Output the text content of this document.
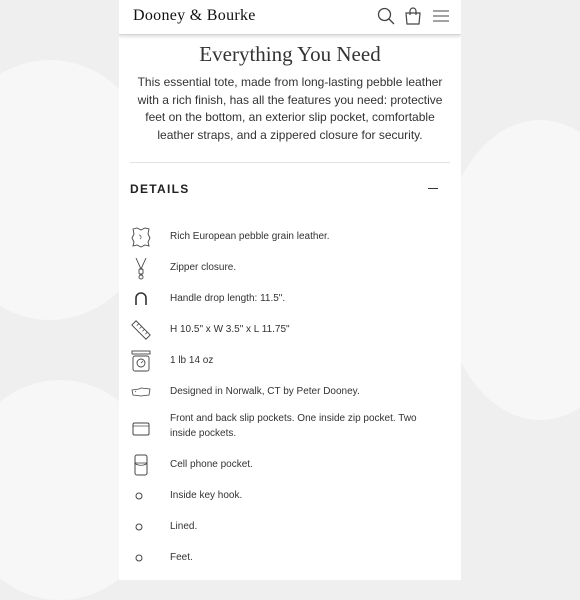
Dooney & Bourke
Everything You Need

This essential tote, made from long-lasting pebble leather with a rich finish, has all the features you need: protective feet on the bottom, an exterior slip pocket, comfortable leather straps, and a zippered closure for security.

DETAILS
Rich European pebble grain leather.
Zipper closure.
Handle drop length: 11.5".
H 10.5" x W 3.5" x L 11.75"
1 lb 14 oz
Designed in Norwalk, CT by Peter Dooney.
Front and back slip pockets. One inside zip pocket. Two inside pockets.
Cell phone pocket.
Inside key hook.
Lined.
Feet.
